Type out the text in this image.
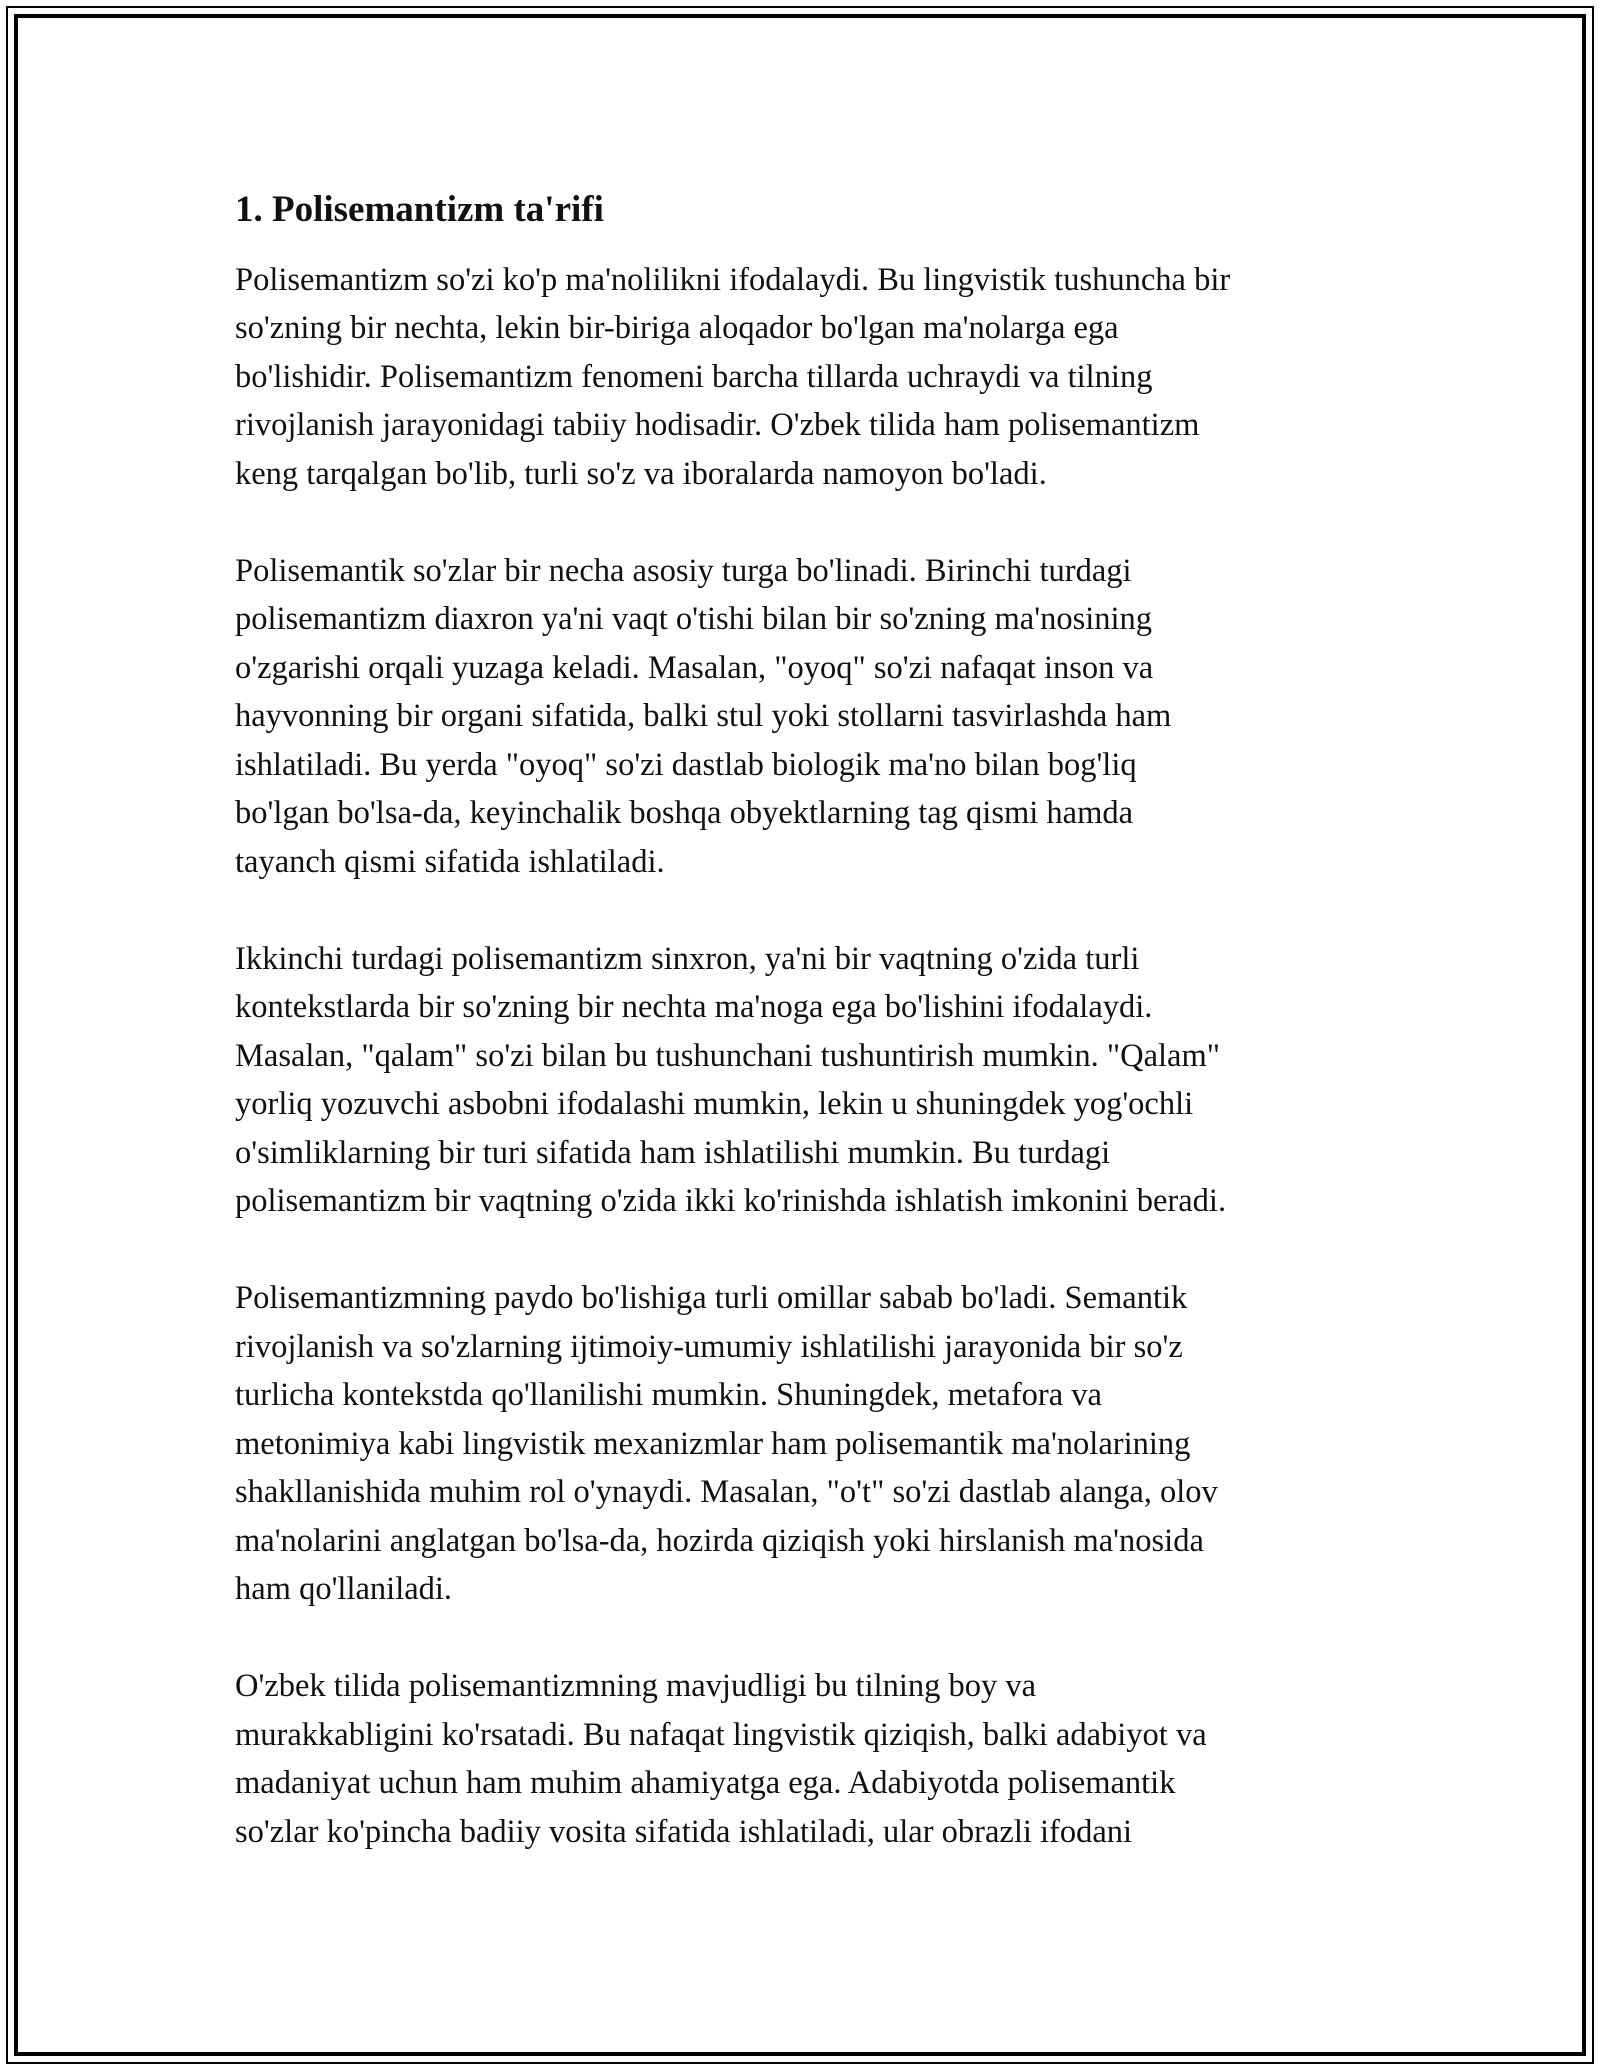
1. Polisemantizm ta'rifi

Polisemantizm so'zi ko'p ma'nolilikni ifodalaydi. Bu lingvistik tushuncha bir
so'zning bir nechta, lekin bir-biriga aloqador bo'lgan ma'nolarga ega
bo'lishidir. Polisemantizm fenomeni barcha tillarda uchraydi va tilning
rivojlanish jarayonidagi tabiiy hodisadir. O'zbek tilida ham polisemantizm
keng tarqalgan bo'lib, turli so'z va iboralarda namoyon bo'ladi.

Polisemantik so'zlar bir necha asosiy turga bo'linadi. Birinchi turdagi
polisemantizm diaxron ya'ni vaqt o'tishi bilan bir so'zning ma'nosining
o'zgarishi orqali yuzaga keladi. Masalan, "oyoq" so'zi nafaqat inson va
hayvonning bir organi sifatida, balki stul yoki stollarni tasvirlashda ham
ishlatiladi. Bu yerda "oyoq" so'zi dastlab biologik ma'no bilan bog'liq
bo'lgan bo'lsa-da, keyinchalik boshqa obyektlarning tag qismi hamda
tayanch qismi sifatida ishlatiladi.

Ikkinchi turdagi polisemantizm sinxron, ya'ni bir vaqtning o'zida turli
kontekstlarda bir so'zning bir nechta ma'noga ega bo'lishini ifodalaydi.
Masalan, "qalam" so'zi bilan bu tushunchani tushuntirish mumkin. "Qalam"
yorliq yozuvchi asbobni ifodalashi mumkin, lekin u shuningdek yog'ochli
o'simliklarning bir turi sifatida ham ishlatilishi mumkin. Bu turdagi
polisemantizm bir vaqtning o'zida ikki ko'rinishda ishlatish imkonini beradi.

Polisemantizmning paydo bo'lishiga turli omillar sabab bo'ladi. Semantik
rivojlanish va so'zlarning ijtimoiy-umumiy ishlatilishi jarayonida bir so'z
turlicha kontekstda qo'llanilishi mumkin. Shuningdek, metafora va
metonimiya kabi lingvistik mexanizmlar ham polisemantik ma'nolarining
shakllanishida muhim rol o'ynaydi. Masalan, "o't" so'zi dastlab alanga, olov
ma'nolarini anglatgan bo'lsa-da, hozirda qiziqish yoki hirslanish ma'nosida
ham qo'llaniladi.

O'zbek tilida polisemantizmning mavjudligi bu tilning boy va
murakkabligini ko'rsatadi. Bu nafaqat lingvistik qiziqish, balki adabiyot va
madaniyat uchun ham muhim ahamiyatga ega. Adabiyotda polisemantik
so'zlar ko'pincha badiiy vosita sifatida ishlatiladi, ular obrazli ifodani
